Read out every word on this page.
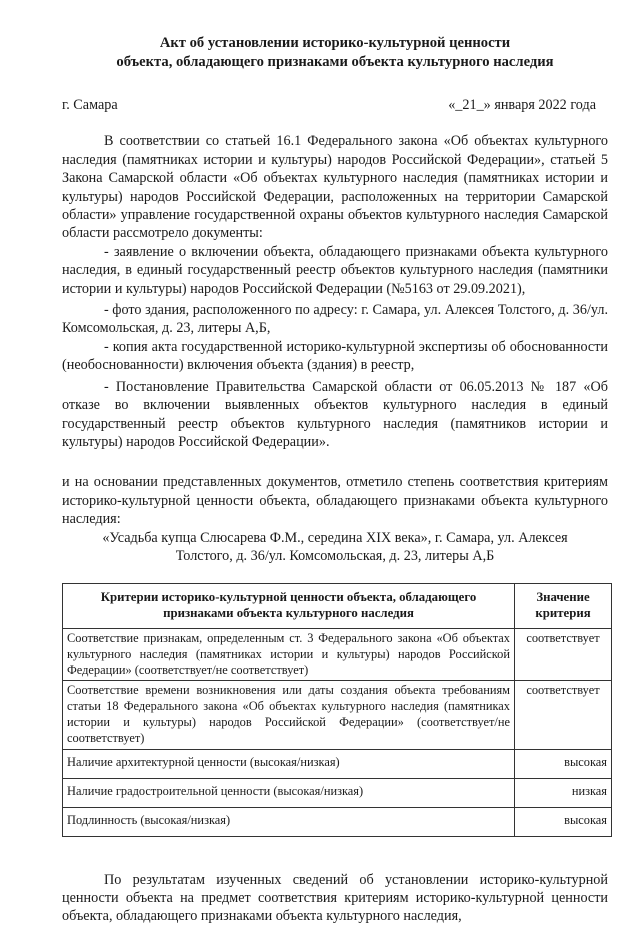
Акт об установлении историко-культурной ценности
объекта, обладающего признаками объекта культурного наследия
г. Самара	«_21_» января 2022 года

В соответствии со статьей 16.1 Федерального закона «Об объектах культурного наследия (памятниках истории и культуры) народов Российской Федерации», статьей 5 Закона Самарской области «Об объектах культурного наследия (памятниках истории и культуры) народов Российской Федерации, расположенных на территории Самарской области» управление государственной охраны объектов культурного наследия Самарской области рассмотрело документы:

- заявление о включении объекта, обладающего признаками объекта культурного наследия, в единый государственный реестр объектов культурного наследия (памятники истории и культуры) народов Российской Федерации (№5163 от 29.09.2021),

- фото здания, расположенного по адресу: г. Самара, ул. Алексея Толстого, д. 36/ул. Комсомольская, д. 23, литеры А,Б,

- копия акта государственной историко-культурной экспертизы об обоснованности (необоснованности) включения объекта (здания) в реестр,

- Постановление Правительства Самарской области от 06.05.2013 № 187 «Об отказе во включении выявленных объектов культурного наследия в единый государственный реестр объектов культурного наследия (памятников истории и культуры) народов Российской Федерации».

и на основании представленных документов, отметило степень соответствия критериям историко-культурной ценности объекта, обладающего признаками объекта культурного наследия:

«Усадьба купца Слюсарева Ф.М., середина XIX века», г. Самара, ул. Алексея
Толстого, д. 36/ул. Комсомольская, д. 23, литеры А,Б
Критерии историко-культурной ценности объекта, обладающего признаками объекта культурного наследия	Значение критерия
Соответствие признакам, определенным ст. 3 Федерального закона «Об объектах культурного наследия (памятниках истории и культуры) народов Российской Федерации» (соответствует/не соответствует)	соответствует
Соответствие времени возникновения или даты создания объекта требованиям статьи 18 Федерального закона «Об объектах культурного наследия (памятниках истории и культуры) народов Российской Федерации» (соответствует/не соответствует)	соответствует
Наличие архитектурной ценности (высокая/низкая)	высокая
Наличие градостроительной ценности (высокая/низкая)	низкая
Подлинность (высокая/низкая)	высокая

По результатам изученных сведений об установлении историко-культурной ценности объекта на предмет соответствия критериям историко-культурной ценности объекта, обладающего признаками объекта культурного наследия,
